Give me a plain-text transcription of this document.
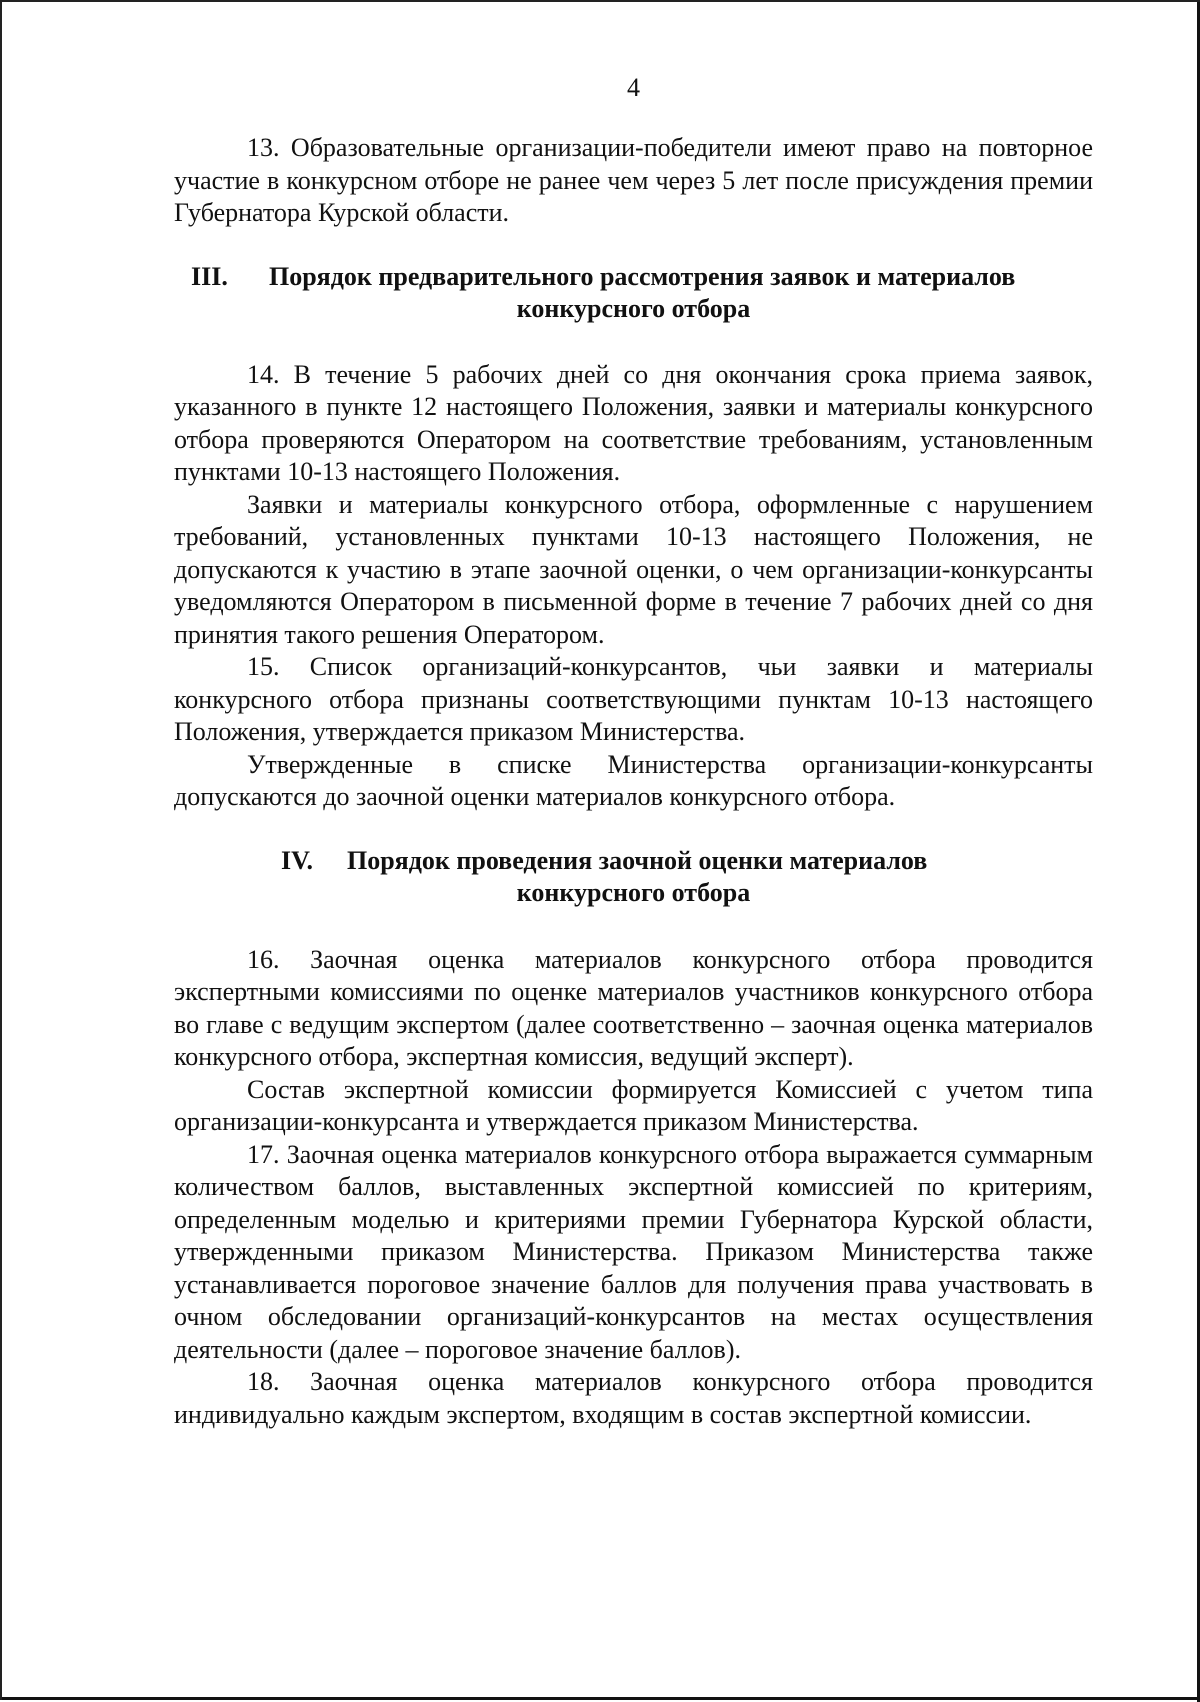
4

13. Образовательные организации-победители имеют право на повторное участие в конкурсном отборе не ранее чем через 5 лет после присуждения премии Губернатора Курской области.

III. Порядок предварительного рассмотрения заявок и материалов
конкурсного отбора

14. В течение 5 рабочих дней со дня окончания срока приема заявок, указанного в пункте 12 настоящего Положения, заявки и материалы конкурсного отбора проверяются Оператором на соответствие требованиям, установленным пунктами 10-13 настоящего Положения.

Заявки и материалы конкурсного отбора, оформленные с нарушением требований, установленных пунктами 10-13 настоящего Положения, не допускаются к участию в этапе заочной оценки, о чем организации-конкурсанты уведомляются Оператором в письменной форме в течение 7 рабочих дней со дня принятия такого решения Оператором.

15. Список организаций-конкурсантов, чьи заявки и материалы конкурсного отбора признаны соответствующими пунктам 10-13 настоящего Положения, утверждается приказом Министерства.

Утвержденные в списке Министерства организации-конкурсанты допускаются до заочной оценки материалов конкурсного отбора.

IV. Порядок проведения заочной оценки материалов
конкурсного отбора

16. Заочная оценка материалов конкурсного отбора проводится экспертными комиссиями по оценке материалов участников конкурсного отбора во главе с ведущим экспертом (далее соответственно – заочная оценка материалов конкурсного отбора, экспертная комиссия, ведущий эксперт).

Состав экспертной комиссии формируется Комиссией с учетом типа организации-конкурсанта и утверждается приказом Министерства.

17. Заочная оценка материалов конкурсного отбора выражается суммарным количеством баллов, выставленных экспертной комиссией по критериям, определенным моделью и критериями премии Губернатора Курской области, утвержденными приказом Министерства. Приказом Министерства также устанавливается пороговое значение баллов для получения права участвовать в очном обследовании организаций-конкурсантов на местах осуществления деятельности (далее – пороговое значение баллов).

18. Заочная оценка материалов конкурсного отбора проводится индивидуально каждым экспертом, входящим в состав экспертной комиссии.
